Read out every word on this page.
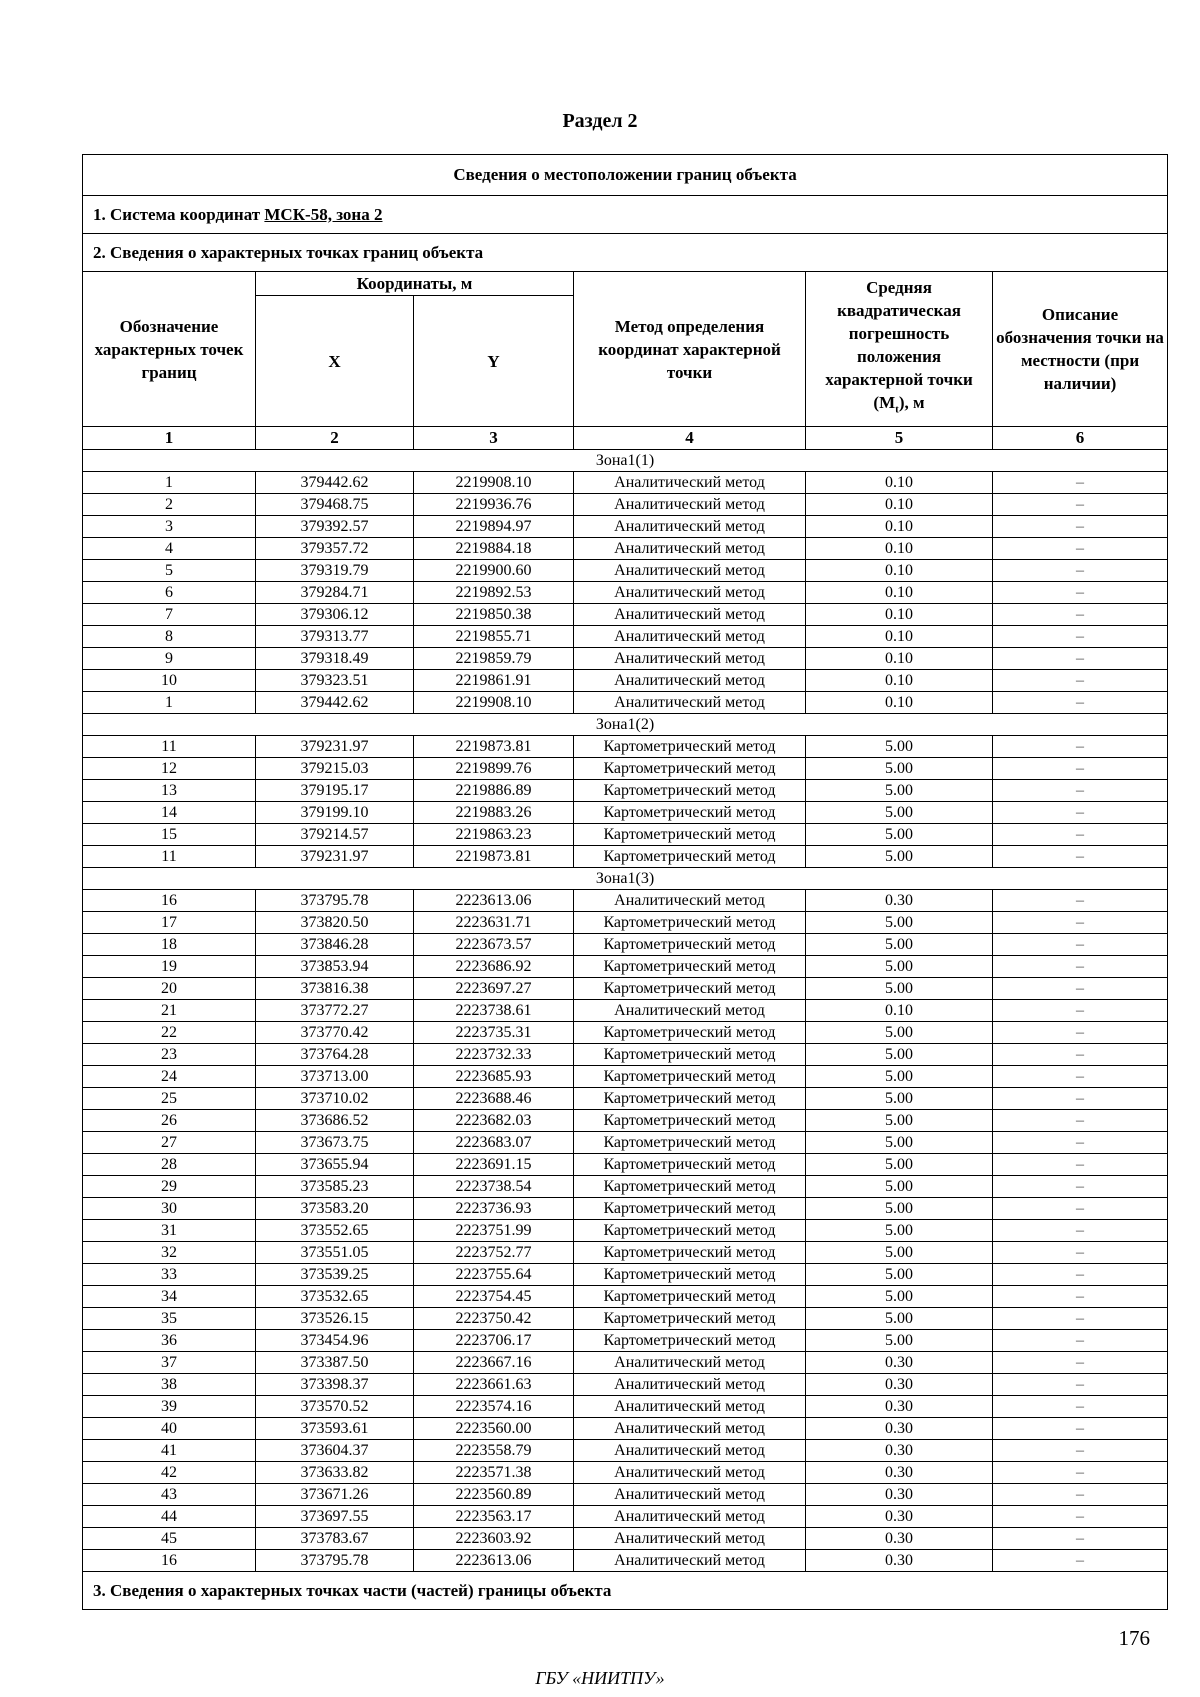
Раздел 2
Сведения о местоположении границ объекта					
1. Система координат МСК-58, зона 2					
2. Сведения о характерных точках границ объекта					
Обозначение характерных точек границ	Координаты, м		Метод определения координат характерной точки	Средняя квадратическая погрешность положения характерной точки $(M_t)$, м	Описание обозначения точки на местности (при наличии)
	X	Y			
1	2	3	4	5	6
Зона1(1)					
1	379442.62	2219908.10	Аналитический метод	0.10	–
2	379468.75	2219936.76	Аналитический метод	0.10	–
3	379392.57	2219894.97	Аналитический метод	0.10	–
4	379357.72	2219884.18	Аналитический метод	0.10	–
5	379319.79	2219900.60	Аналитический метод	0.10	–
6	379284.71	2219892.53	Аналитический метод	0.10	–
7	379306.12	2219850.38	Аналитический метод	0.10	–
8	379313.77	2219855.71	Аналитический метод	0.10	–
9	379318.49	2219859.79	Аналитический метод	0.10	–
10	379323.51	2219861.91	Аналитический метод	0.10	–
1	379442.62	2219908.10	Аналитический метод	0.10	–
Зона1(2)					
11	379231.97	2219873.81	Картометрический метод	5.00	–
12	379215.03	2219899.76	Картометрический метод	5.00	–
13	379195.17	2219886.89	Картометрический метод	5.00	–
14	379199.10	2219883.26	Картометрический метод	5.00	–
15	379214.57	2219863.23	Картометрический метод	5.00	–
11	379231.97	2219873.81	Картометрический метод	5.00	–
Зона1(3)					
16	373795.78	2223613.06	Аналитический метод	0.30	–
17	373820.50	2223631.71	Картометрический метод	5.00	–
18	373846.28	2223673.57	Картометрический метод	5.00	–
19	373853.94	2223686.92	Картометрический метод	5.00	–
20	373816.38	2223697.27	Картометрический метод	5.00	–
21	373772.27	2223738.61	Аналитический метод	0.10	–
22	373770.42	2223735.31	Картометрический метод	5.00	–
23	373764.28	2223732.33	Картометрический метод	5.00	–
24	373713.00	2223685.93	Картометрический метод	5.00	–
25	373710.02	2223688.46	Картометрический метод	5.00	–
26	373686.52	2223682.03	Картометрический метод	5.00	–
27	373673.75	2223683.07	Картометрический метод	5.00	–
28	373655.94	2223691.15	Картометрический метод	5.00	–
29	373585.23	2223738.54	Картометрический метод	5.00	–
30	373583.20	2223736.93	Картометрический метод	5.00	–
31	373552.65	2223751.99	Картометрический метод	5.00	–
32	373551.05	2223752.77	Картометрический метод	5.00	–
33	373539.25	2223755.64	Картометрический метод	5.00	–
34	373532.65	2223754.45	Картометрический метод	5.00	–
35	373526.15	2223750.42	Картометрический метод	5.00	–
36	373454.96	2223706.17	Картометрический метод	5.00	–
37	373387.50	2223667.16	Аналитический метод	0.30	–
38	373398.37	2223661.63	Аналитический метод	0.30	–
39	373570.52	2223574.16	Аналитический метод	0.30	–
40	373593.61	2223560.00	Аналитический метод	0.30	–
41	373604.37	2223558.79	Аналитический метод	0.30	–
42	373633.82	2223571.38	Аналитический метод	0.30	–
43	373671.26	2223560.89	Аналитический метод	0.30	–
44	373697.55	2223563.17	Аналитический метод	0.30	–
45	373783.67	2223603.92	Аналитический метод	0.30	–
16	373795.78	2223613.06	Аналитический метод	0.30	–
3. Сведения о характерных точках части (частей) границы объекта					
176
ГБУ «НИИТПУ»
